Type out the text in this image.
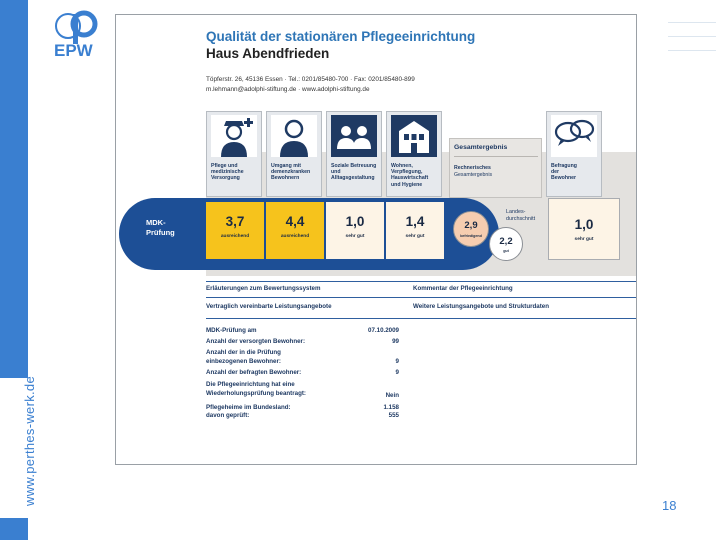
www.perthes-werk.de
EPW
18
Qualität der stationären Pflegeeinrichtung
Haus Abendfrieden
Töpferstr. 26, 45136 Essen · Tel.: 0201/85480-700 · Fax: 0201/85480-899
m.lehmann@adolphi-stiftung.de · www.adolphi-stiftung.de
Pflege und
medizinische
Versorgung
Umgang mit
demenzkranken
Bewohnern
Soziale Betreuung
und
Alltagsgestaltung
Wohnen,
Verpflegung,
Hauswirtschaft
und Hygiene
Gesamtergebnis
Rechnerisches
Gesamtergebnis
Befragung
der
Bewohner
MDK-
Prüfung
3,7
ausreichend
4,4
ausreichend
1,0
sehr gut
1,4
sehr gut
2,9
befriedigend
Landes-
durchschnitt
2,2
gut
1,0
sehr gut
Erläuterungen zum Bewertungssystem	Kommentar der Pflegeeinrichtung
Vertraglich vereinbarte Leistungsangebote	Weitere Leistungsangebote und Strukturdaten
MDK-Prüfung am	07.10.2009
Anzahl der versorgten Bewohner:	99
Anzahl der in die Prüfung
einbezogenen Bewohner:	9
Anzahl der befragten Bewohner:	9
Die Pflegeeinrichtung hat eine
Wiederholungsprüfung beantragt:	Nein
Pflegeheime im Bundesland:	1.158
davon geprüft:	555
